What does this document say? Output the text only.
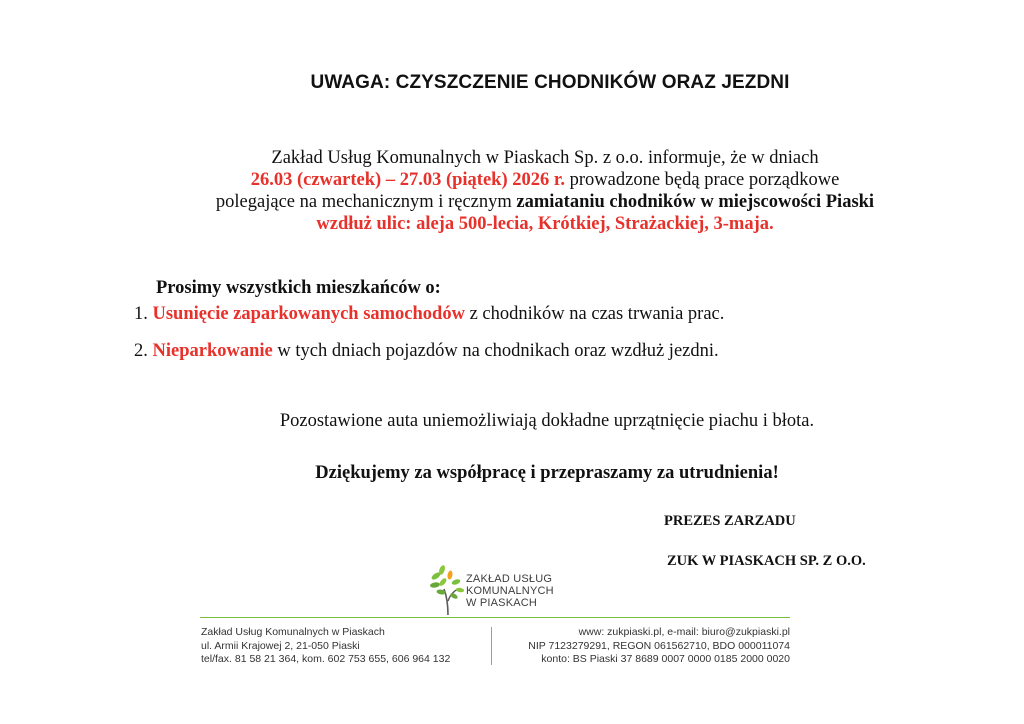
UWAGA: CZYSZCZENIE CHODNIKÓW ORAZ JEZDNI
Zakład Usług Komunalnych w Piaskach Sp. z o.o. informuje, że w dniach
26.03 (czwartek) – 27.03 (piątek) 2026 r. prowadzone będą prace porządkowe
polegające na mechanicznym i ręcznym zamiataniu chodników w miejscowości Piaski
wzdłuż ulic: aleja 500-lecia, Krótkiej, Strażackiej, 3-maja.
Prosimy wszystkich mieszkańców o:
1. Usunięcie zaparkowanych samochodów z chodników na czas trwania prac.
2. Nieparkowanie w tych dniach pojazdów na chodnikach oraz wzdłuż jezdni.
Pozostawione auta uniemożliwiają dokładne uprzątnięcie piachu i błota.
Dziękujemy za współpracę i przepraszamy za utrudnienia!
PREZES ZARZADU
ZUK W PIASKACH SP. Z O.O.
ZAKŁAD USŁUG
KOMUNALNYCH
W PIASKACH
Zakład Usług Komunalnych w Piaskach
ul. Armii Krajowej 2, 21-050 Piaski
tel/fax. 81 58 21 364, kom. 602 753 655, 606 964 132
www: zukpiaski.pl, e-mail: biuro@zukpiaski.pl
NIP 7123279291, REGON 061562710, BDO 000011074
konto: BS Piaski 37 8689 0007 0000 0185 2000 0020
